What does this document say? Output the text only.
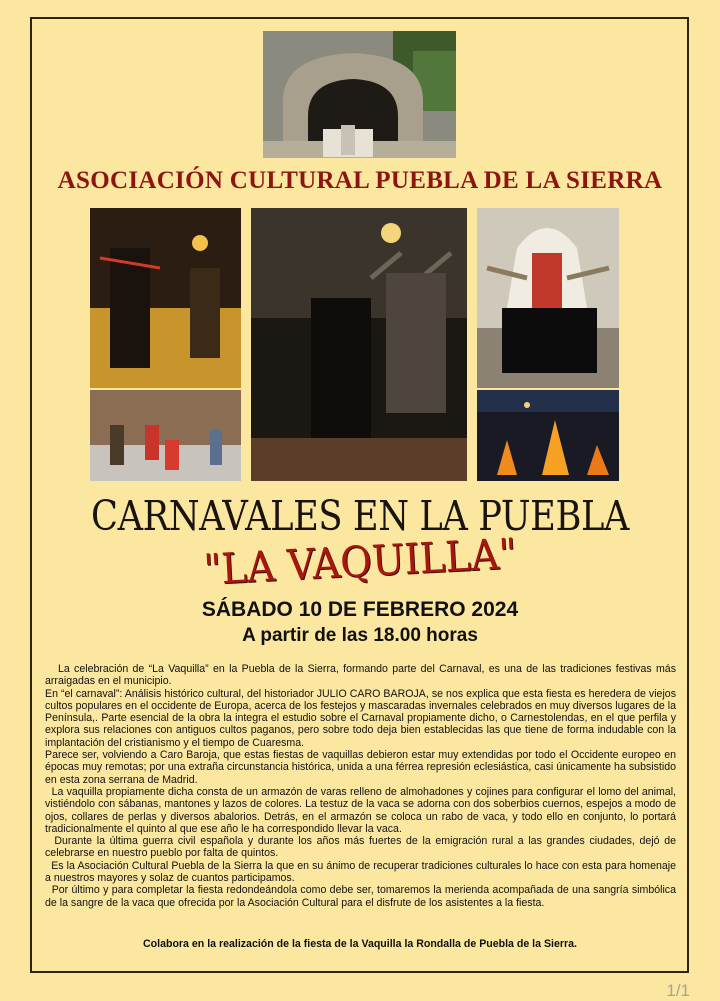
ASOCIACIÓN CULTURAL PUEBLA DE LA SIERRA
CARNAVALES EN LA PUEBLA
"LA VAQUILLA"
SÁBADO 10 DE FEBRERO 2024
A partir de las 18.00 horas

La celebración de “La Vaquilla” en la Puebla de la Sierra, formando parte del Carnaval, es una de las tradiciones festivas más arraigadas en el municipio.

En “el carnaval”: Análisis histórico cultural, del historiador JULIO CARO BAROJA, se nos explica que esta fiesta es heredera de viejos cultos populares en el occidente de Europa, acerca de los festejos y mascaradas invernales celebrados en muy diversos lugares de la Península,. Parte esencial de la obra la integra el estudio sobre el Carnaval propiamente dicho, o Carnestolendas, en el que perfila y explora sus relaciones con antiguos cultos paganos, pero sobre todo deja bien establecidas las que tiene de forma indudable con la implantación del cristianismo y el tiempo de Cuaresma.

Parece ser, volviendo a Caro Baroja, que estas fiestas de vaquillas debieron estar muy extendidas por todo el Occidente europeo en épocas muy remotas; por una extraña circunstancia histórica, unida a una férrea represión eclesiástica, casi únicamente ha subsistido en esta zona serrana de Madrid.

La vaquilla propiamente dicha consta de un armazón de varas relleno de almohadones y cojines para configurar el lomo del animal, vistiéndolo con sábanas, mantones y lazos de colores. La testuz de la vaca se adorna con dos soberbios cuernos, espejos a modo de ojos, collares de perlas y diversos abalorios. Detrás, en el armazón se coloca un rabo de vaca, y todo ello en conjunto, lo portará tradicionalmente el quinto al que ese año le ha correspondido llevar la vaca.

Durante la última guerra civil española y durante los años más fuertes de la emigración rural a las grandes ciudades, dejó de celebrarse en nuestro pueblo por falta de quintos.

Es la Asociación Cultural Puebla de la Sierra la que en su ánimo de recuperar tradiciones culturales lo hace con esta para homenaje a nuestros mayores y solaz de cuantos participamos.

Por último y para completar la fiesta redondeándola como debe ser, tomaremos la merienda acompañada de una sangría simbólica de la sangre de la vaca que ofrecida por la Asociación Cultural para el disfrute de los asistentes a la fiesta.

Colabora en la realización de la fiesta de la Vaquilla la Rondalla de Puebla de la Sierra.
1/1
